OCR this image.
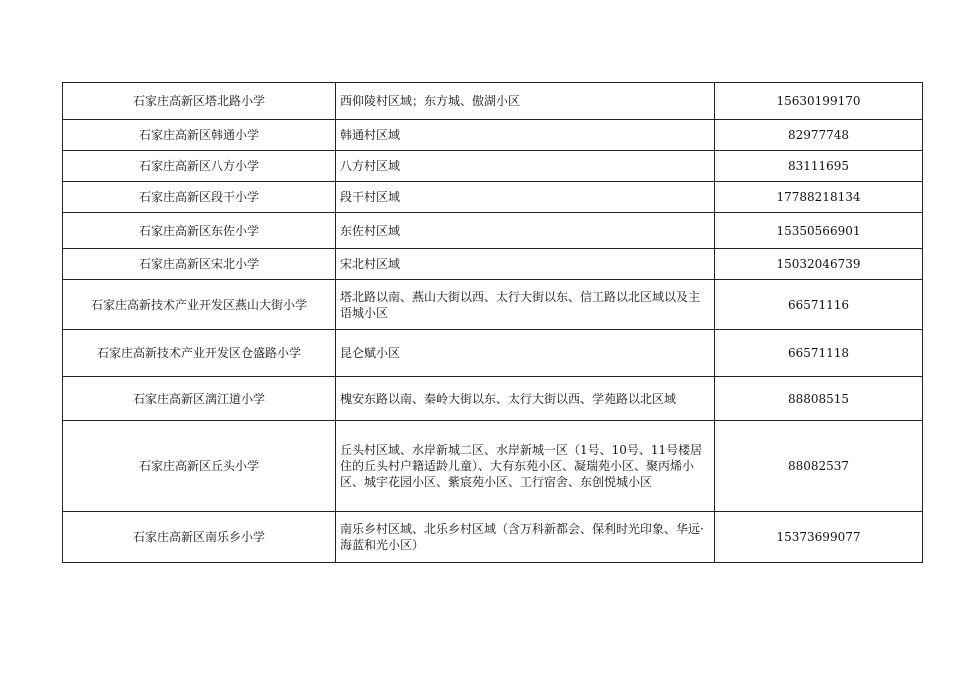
石家庄高新区塔北路小学	西仰陵村区域；东方城、傲湖小区	15630199170
石家庄高新区韩通小学	韩通村区域	82977748
石家庄高新区八方小学	八方村区域	83111695
石家庄高新区段干小学	段干村区域	17788218134
石家庄高新区东佐小学	东佐村区域	15350566901
石家庄高新区宋北小学	宋北村区域	15032046739
石家庄高新技术产业开发区燕山大街小学	塔北路以南、燕山大街以西、太行大街以东、信工路以北区域以及主语城小区	66571116
石家庄高新技术产业开发区仓盛路小学	昆仑赋小区	66571118
石家庄高新区漓江道小学	槐安东路以南、秦岭大街以东、太行大街以西、学苑路以北区域	88808515
石家庄高新区丘头小学	丘头村区域、水岸新城二区、水岸新城一区（1号、10号、11号楼居住的丘头村户籍适龄儿童）、大有东苑小区、凝瑞苑小区、聚丙烯小区、城宇花园小区、紫宸苑小区、工行宿舍、东创悦城小区	88082537
石家庄高新区南乐乡小学	南乐乡村区域、北乐乡村区域（含万科新都会、保利时光印象、华远·海蓝和光小区）	15373699077
